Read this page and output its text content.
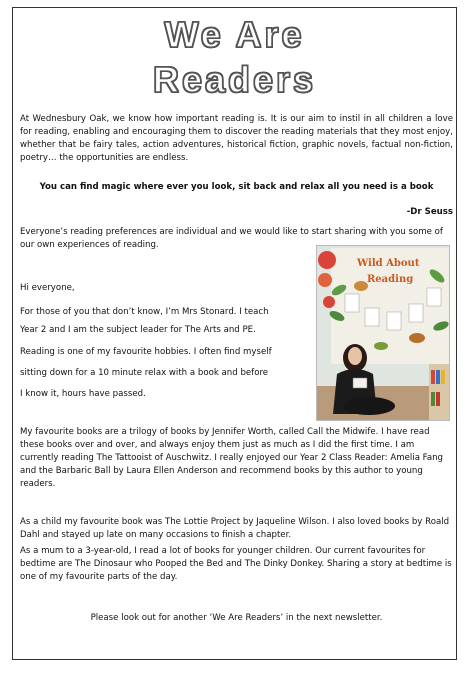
We Are
Readers
At Wednesbury Oak, we know how important reading is. It is our aim to instil in all children a love for reading, enabling and encouraging them to discover the reading materials that they most enjoy, whether that be fairy tales, action adventures, historical fiction, graphic novels, factual non-fiction, poetry… the opportunities are endless.
You can find magic where ever you look, sit back and relax all you need is a book
-Dr Seuss
Everyone’s reading preferences are individual and we would like to start sharing with you some of our own experiences of reading.
Hi everyone,
For those of you that don’t know, I’m Mrs Stonard. I teach
Year 2 and I am the subject leader for The Arts and PE.
Reading is one of my favourite hobbies. I often find myself
sitting down for a 10 minute relax with a book and before
I know it, hours have passed.
Wild About
Reading
My favourite books are a trilogy of books by Jennifer Worth, called Call the Midwife. I have read these books over and over, and always enjoy them just as much as I did the first time. I am currently reading The Tattooist of Auschwitz. I really enjoyed our Year 2 Class Reader: Amelia Fang and the Barbaric Ball by Laura Ellen Anderson and recommend books by this author to young readers.
As a child my favourite book was The Lottie Project by Jaqueline Wilson. I also loved books by Roald Dahl and stayed up late on many occasions to finish a chapter.
As a mum to a 3-year-old, I read a lot of books for younger children. Our current favourites for bedtime are The Dinosaur who Pooped the Bed and The Dinky Donkey. Sharing a story at bedtime is one of my favourite parts of the day.
Please look out for another ‘We Are Readers’ in the next newsletter.
